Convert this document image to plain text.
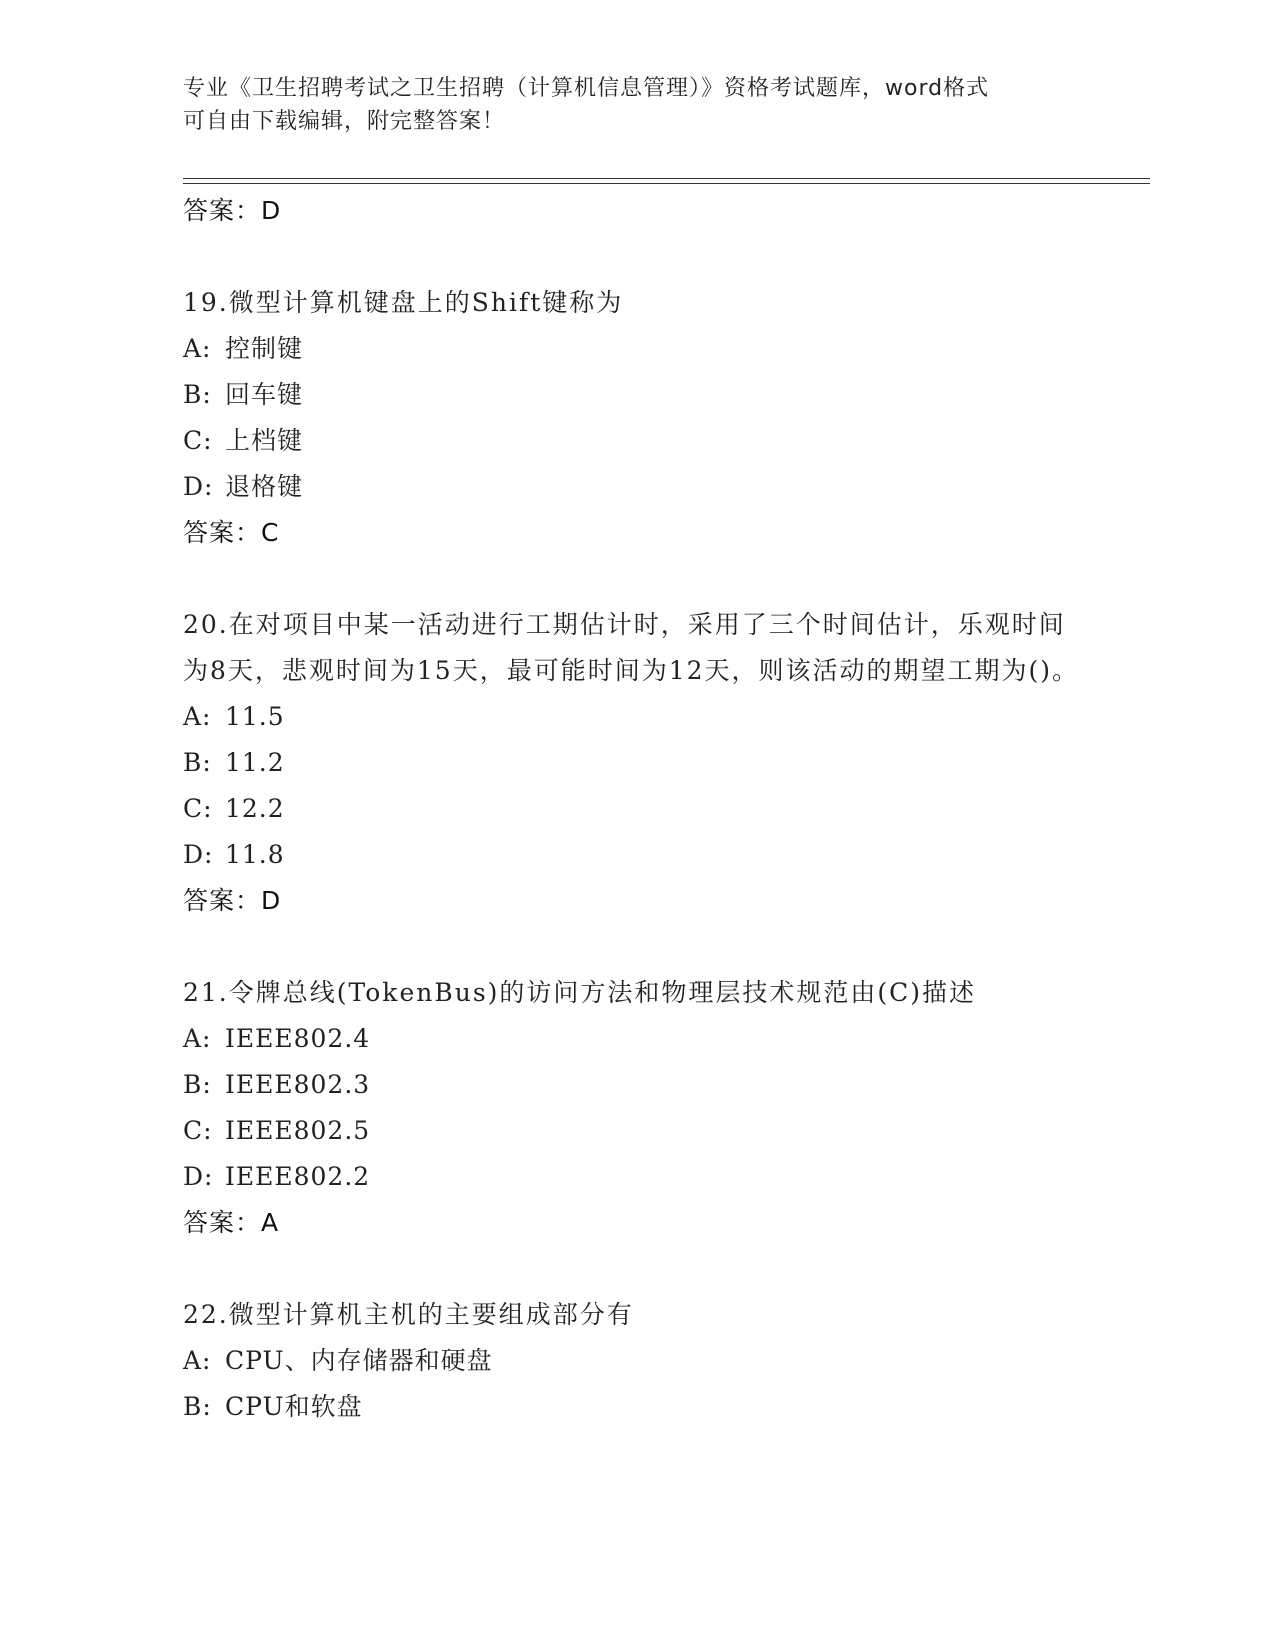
专业《卫生招聘考试之卫生招聘（计算机信息管理）》资格考试题库，word格式
可自由下载编辑，附完整答案！
答案：D
19.微型计算机键盘上的Shift键称为
A: 控制键
B: 回车键
C: 上档键
D: 退格键
答案：C
20.在对项目中某一活动进行工期估计时，采用了三个时间估计，乐观时间为8天，悲观时间为15天，最可能时间为12天，则该活动的期望工期为()。
A: 11.5
B: 11.2
C: 12.2
D: 11.8
答案：D
21.令牌总线(TokenBus)的访问方法和物理层技术规范由(C)描述
A: IEEE802.4
B: IEEE802.3
C: IEEE802.5
D: IEEE802.2
答案：A
22.微型计算机主机的主要组成部分有
A: CPU、内存储器和硬盘
B: CPU和软盘
